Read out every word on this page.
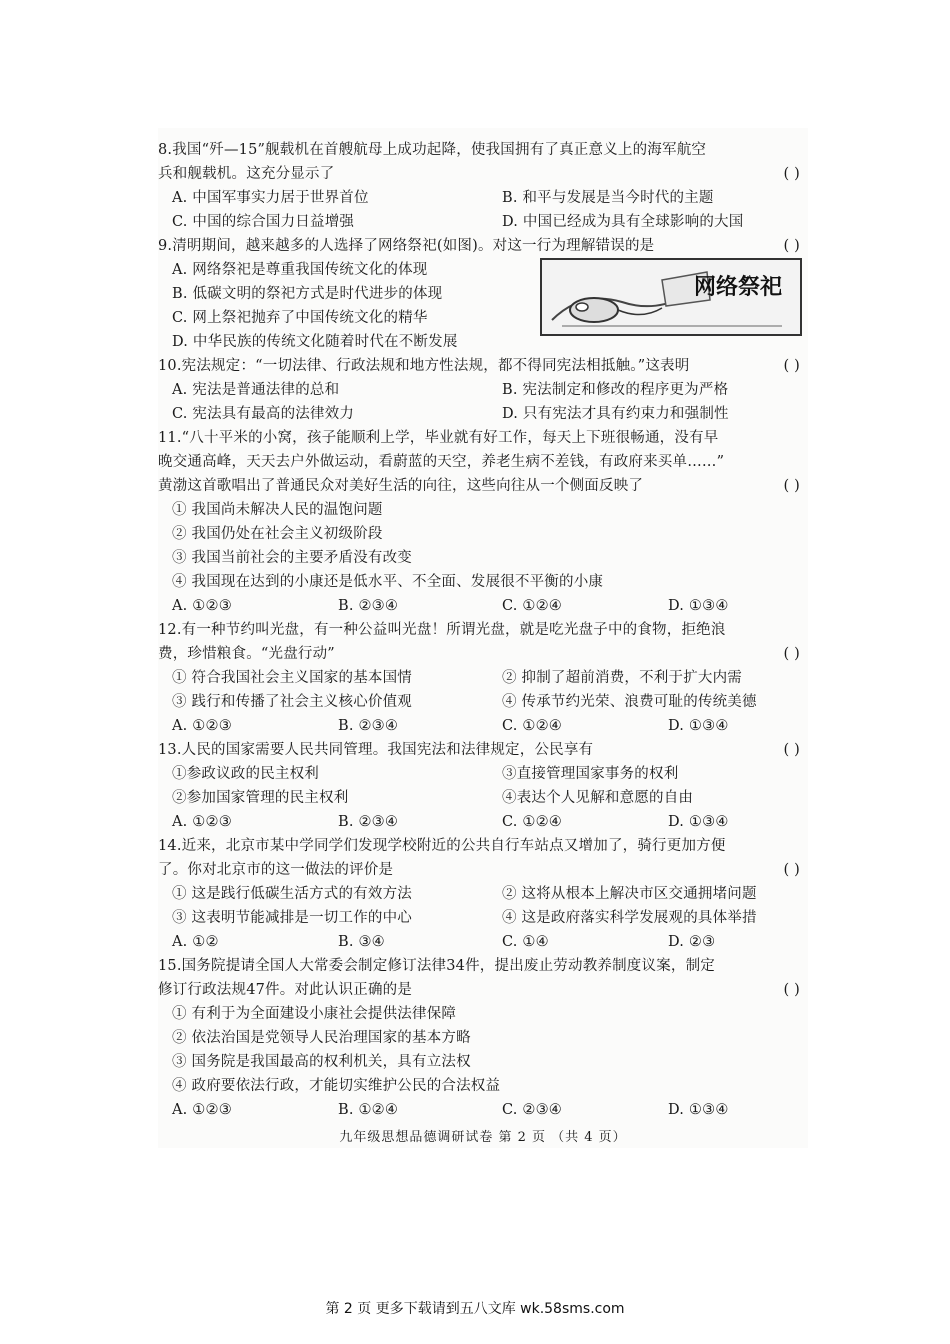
8.我国“歼—15”舰载机在首艘航母上成功起降，使我国拥有了真正意义上的海军航空
兵和舰载机。这充分显示了	( )
A. 中国军事实力居于世界首位	B. 和平与发展是当今时代的主题
C. 中国的综合国力日益增强	D. 中国已经成为具有全球影响的大国
9.清明期间，越来越多的人选择了网络祭祀(如图)。对这一行为理解错误的是	( )
A. 网络祭祀是尊重我国传统文化的体现
B. 低碳文明的祭祀方式是时代进步的体现
C. 网上祭祀抛弃了中国传统文化的精华
D. 中华民族的传统文化随着时代在不断发展
网络祭祀
10.宪法规定：“一切法律、行政法规和地方性法规，都不得同宪法相抵触。”这表明	( )
A. 宪法是普通法律的总和	B. 宪法制定和修改的程序更为严格
C. 宪法具有最高的法律效力	D. 只有宪法才具有约束力和强制性
11.“八十平米的小窝，孩子能顺利上学，毕业就有好工作，每天上下班很畅通，没有早
晚交通高峰，天天去户外做运动，看蔚蓝的天空，养老生病不差钱，有政府来买单……”
黄渤这首歌唱出了普通民众对美好生活的向往，这些向往从一个侧面反映了	( )
① 我国尚未解决人民的温饱问题
② 我国仍处在社会主义初级阶段
③ 我国当前社会的主要矛盾没有改变
④ 我国现在达到的小康还是低水平、不全面、发展很不平衡的小康
A. ①②③	B. ②③④	C. ①②④	D. ①③④
12.有一种节约叫光盘，有一种公益叫光盘！所谓光盘，就是吃光盘子中的食物，拒绝浪
费，珍惜粮食。“光盘行动”	( )
① 符合我国社会主义国家的基本国情	② 抑制了超前消费，不利于扩大内需
③ 践行和传播了社会主义核心价值观	④ 传承节约光荣、浪费可耻的传统美德
A. ①②③	B. ②③④	C. ①②④	D. ①③④
13.人民的国家需要人民共同管理。我国宪法和法律规定，公民享有	( )
①参政议政的民主权利	③直接管理国家事务的权利
②参加国家管理的民主权利	④表达个人见解和意愿的自由
A. ①②③	B. ②③④	C. ①②④	D. ①③④
14.近来，北京市某中学同学们发现学校附近的公共自行车站点又增加了，骑行更加方便
了。你对北京市的这一做法的评价是	( )
① 这是践行低碳生活方式的有效方法	② 这将从根本上解决市区交通拥堵问题
③ 这表明节能减排是一切工作的中心	④ 这是政府落实科学发展观的具体举措
A. ①②	B. ③④	C. ①④	D. ②③
15.国务院提请全国人大常委会制定修订法律34件，提出废止劳动教养制度议案，制定
修订行政法规47件。对此认识正确的是	( )
① 有利于为全面建设小康社会提供法律保障
② 依法治国是党领导人民治理国家的基本方略
③ 国务院是我国最高的权利机关，具有立法权
④ 政府要依法行政，才能切实维护公民的合法权益
A. ①②③	B. ①②④	C. ②③④	D. ①③④
九年级思想品德调研试卷 第 2 页 （共 4 页）
第 2 页 更多下载请到五八文库 wk.58sms.com
